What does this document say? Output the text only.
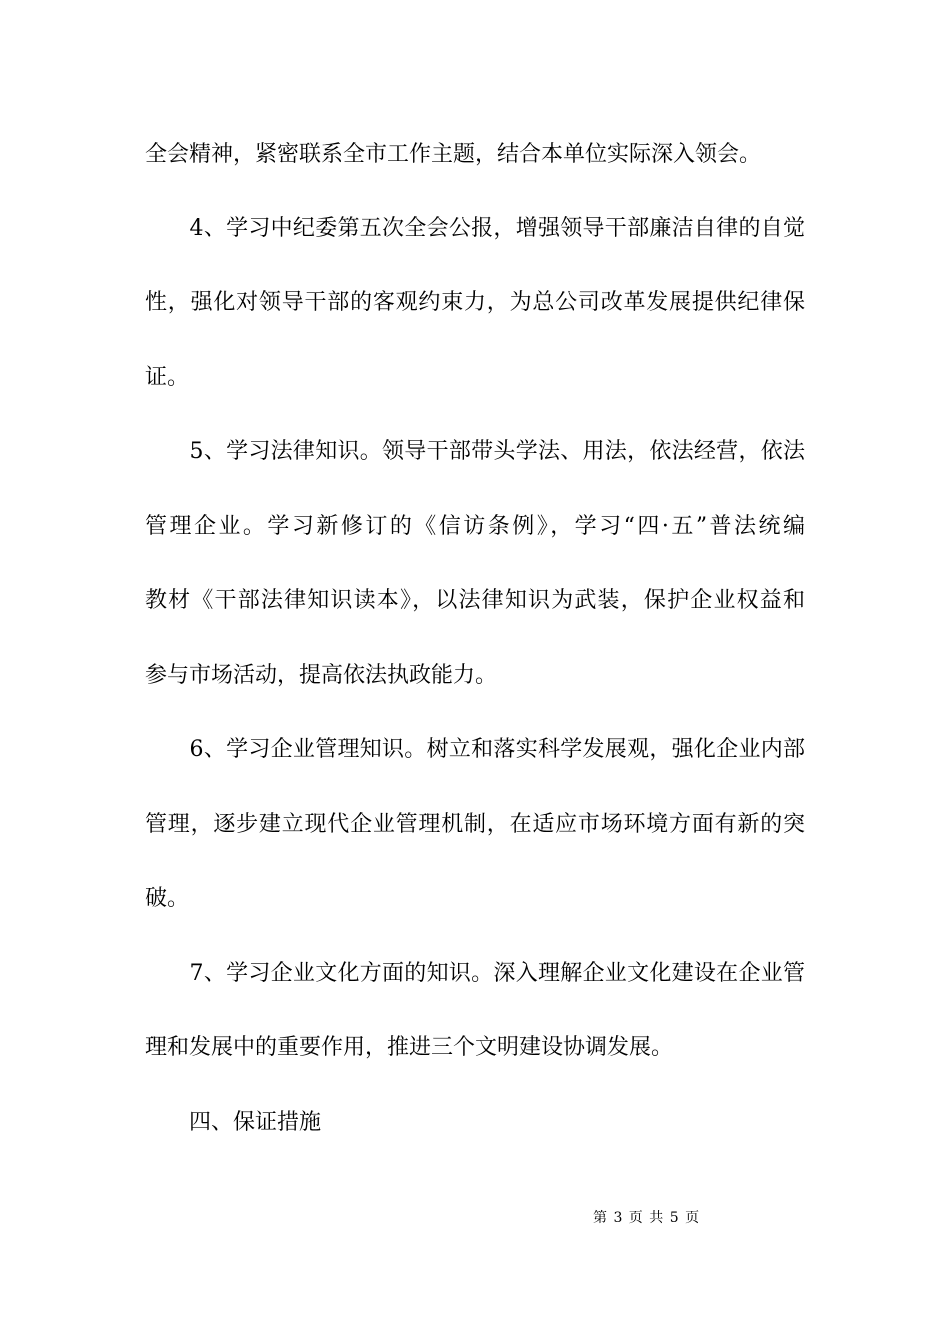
全会精神，紧密联系全市工作主题，结合本单位实际深入领会。
　　4、学习中纪委第五次全会公报，增强领导干部廉洁自律的自觉
性，强化对领导干部的客观约束力，为总公司改革发展提供纪律保
证。
　　5、学习法律知识。领导干部带头学法、用法，依法经营，依法
管理企业。学习新修订的《信访条例》，学习“四·五”普法统编
教材《干部法律知识读本》，以法律知识为武装，保护企业权益和
参与市场活动，提高依法执政能力。
　　6、学习企业管理知识。树立和落实科学发展观，强化企业内部
管理，逐步建立现代企业管理机制，在适应市场环境方面有新的突
破。
　　7、学习企业文化方面的知识。深入理解企业文化建设在企业管
理和发展中的重要作用，推进三个文明建设协调发展。
　　四、保证措施
第 3 页 共 5 页
